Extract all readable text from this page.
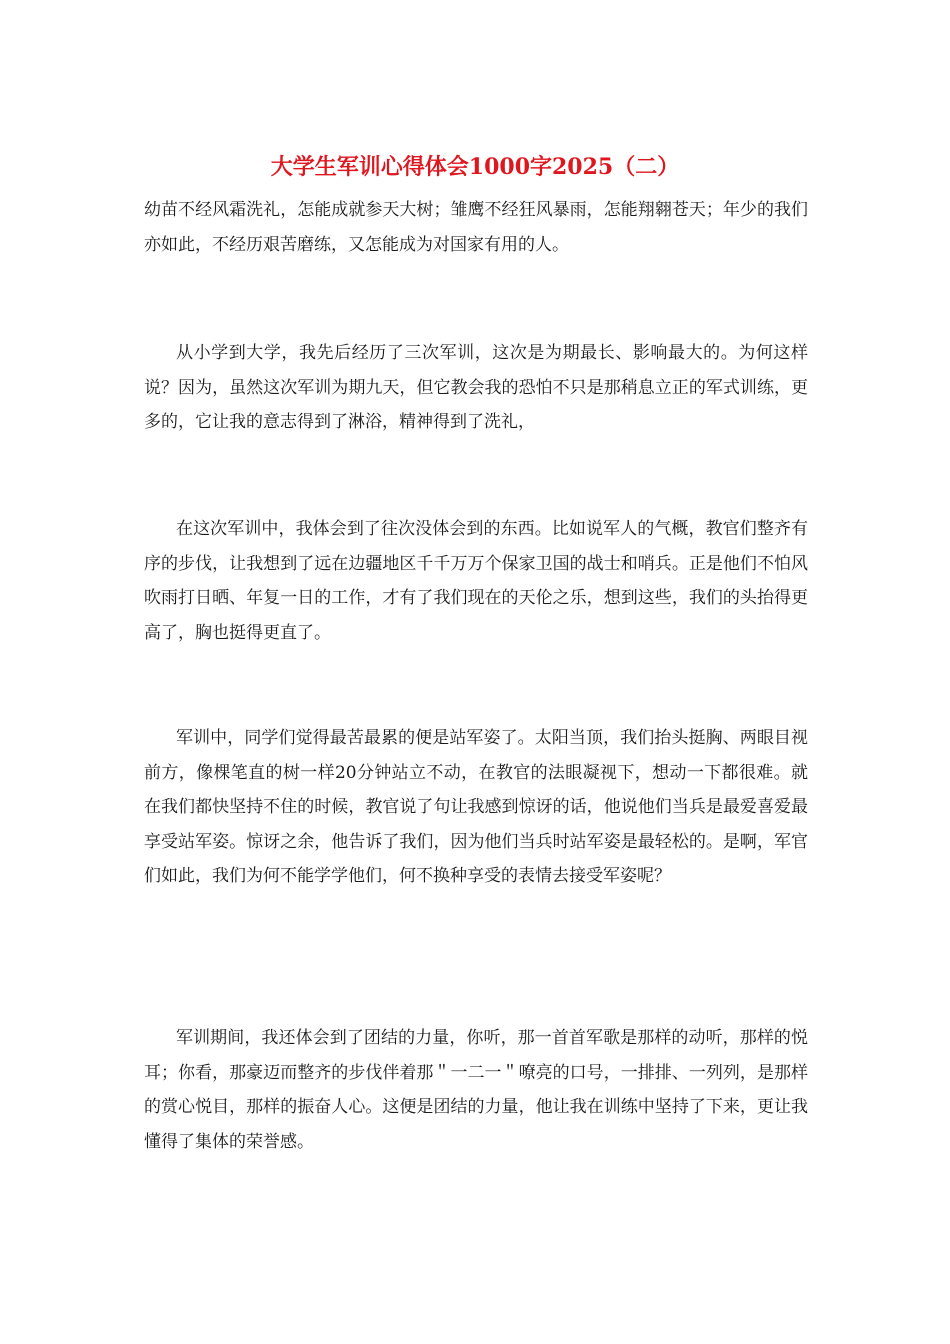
大学生军训心得体会1000字2025（二）

幼苗不经风霜洗礼，怎能成就参天大树；雏鹰不经狂风暴雨，怎能翔翱苍天；年少的我们亦如此，不经历艰苦磨练，又怎能成为对国家有用的人。

从小学到大学，我先后经历了三次军训，这次是为期最长、影响最大的。为何这样说？因为，虽然这次军训为期九天，但它教会我的恐怕不只是那稍息立正的军式训练，更多的，它让我的意志得到了淋浴，精神得到了洗礼，

在这次军训中，我体会到了往次没体会到的东西。比如说军人的气概，教官们整齐有序的步伐，让我想到了远在边疆地区千千万万个保家卫国的战士和哨兵。正是他们不怕风吹雨打日晒、年复一日的工作，才有了我们现在的天伦之乐，想到这些，我们的头抬得更高了，胸也挺得更直了。

军训中，同学们觉得最苦最累的便是站军姿了。太阳当顶，我们抬头挺胸、两眼目视前方，像棵笔直的树一样20分钟站立不动，在教官的法眼凝视下，想动一下都很难。就在我们都快坚持不住的时候，教官说了句让我感到惊讶的话，他说他们当兵是最爱喜爱最享受站军姿。惊讶之余，他告诉了我们，因为他们当兵时站军姿是最轻松的。是啊，军官们如此，我们为何不能学学他们，何不换种享受的表情去接受军姿呢？

军训期间，我还体会到了团结的力量，你听，那一首首军歌是那样的动听，那样的悦耳；你看，那豪迈而整齐的步伐伴着那＂一二一＂嘹亮的口号，一排排、一列列，是那样的赏心悦目，那样的振奋人心。这便是团结的力量，他让我在训练中坚持了下来，更让我懂得了集体的荣誉感。
